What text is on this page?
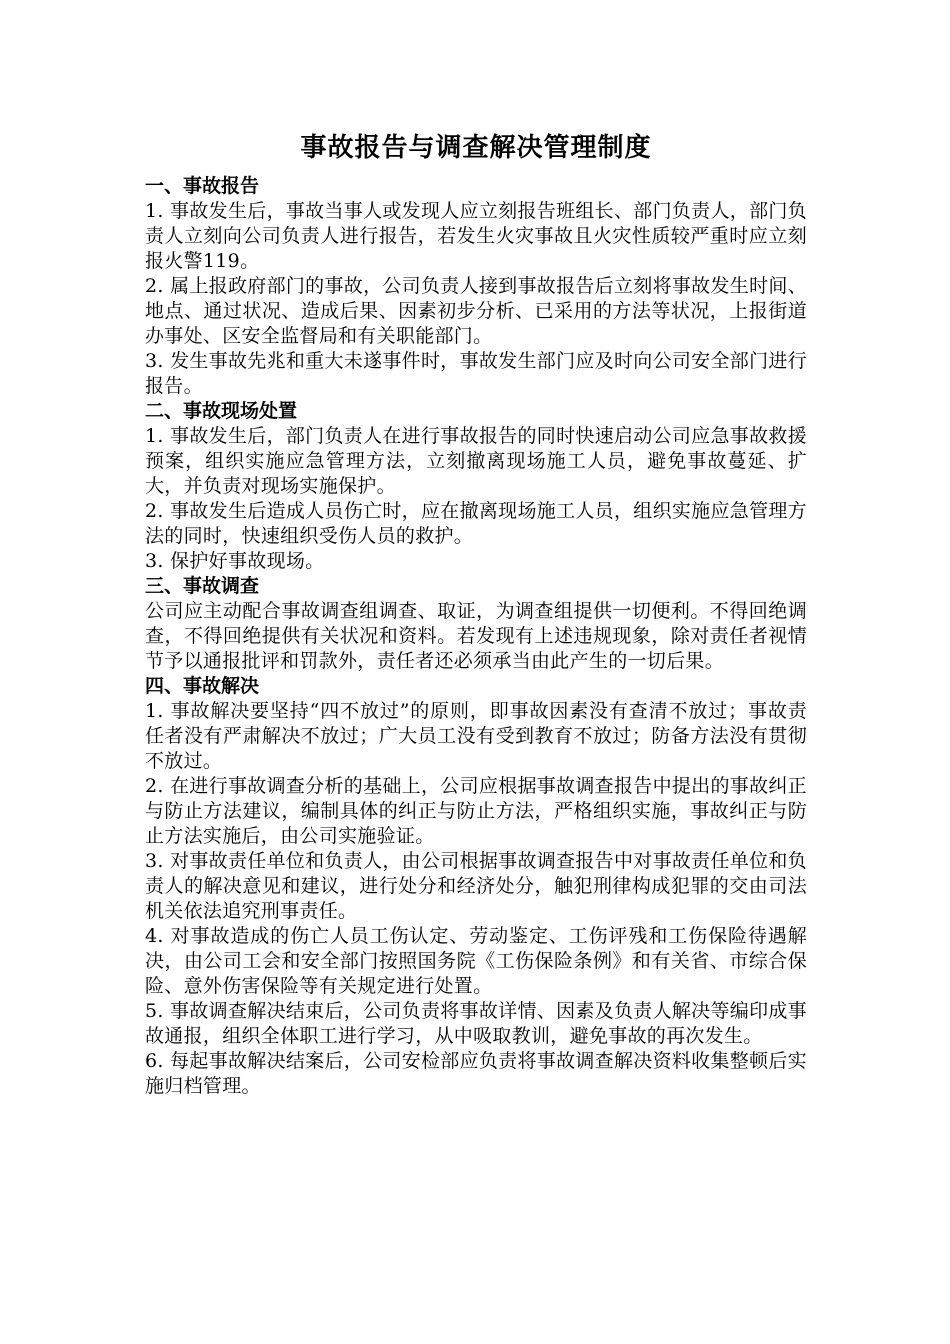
事故报告与调查解决管理制度
一、事故报告

1. 事故发生后，事故当事人或发现人应立刻报告班组长、部门负责人，部门负责人立刻向公司负责人进行报告，若发生火灾事故且火灾性质较严重时应立刻报火警119。

2. 属上报政府部门的事故，公司负责人接到事故报告后立刻将事故发生时间、地点、通过状况、造成后果、因素初步分析、已采用的方法等状况，上报街道办事处、区安全监督局和有关职能部门。

3. 发生事故先兆和重大未遂事件时，事故发生部门应及时向公司安全部门进行报告。

二、事故现场处置

1. 事故发生后，部门负责人在进行事故报告的同时快速启动公司应急事故救援预案，组织实施应急管理方法，立刻撤离现场施工人员，避免事故蔓延、扩大，并负责对现场实施保护。

2. 事故发生后造成人员伤亡时，应在撤离现场施工人员，组织实施应急管理方法的同时，快速组织受伤人员的救护。

3. 保护好事故现场。

三、事故调查

公司应主动配合事故调查组调查、取证，为调查组提供一切便利。不得回绝调查，不得回绝提供有关状况和资料。若发现有上述违规现象，除对责任者视情节予以通报批评和罚款外，责任者还必须承当由此产生的一切后果。

四、事故解决

1. 事故解决要坚持“四不放过”的原则，即事故因素没有查清不放过；事故责任者没有严肃解决不放过；广大员工没有受到教育不放过；防备方法没有贯彻不放过。

2. 在进行事故调查分析的基础上，公司应根据事故调查报告中提出的事故纠正与防止方法建议，编制具体的纠正与防止方法，严格组织实施，事故纠正与防止方法实施后，由公司实施验证。

3. 对事故责任单位和负责人，由公司根据事故调查报告中对事故责任单位和负责人的解决意见和建议，进行处分和经济处分，触犯刑律构成犯罪的交由司法机关依法追究刑事责任。

4. 对事故造成的伤亡人员工伤认定、劳动鉴定、工伤评残和工伤保险待遇解决，由公司工会和安全部门按照国务院《工伤保险条例》和有关省、市综合保险、意外伤害保险等有关规定进行处置。

5. 事故调查解决结束后，公司负责将事故详情、因素及负责人解决等编印成事故通报，组织全体职工进行学习，从中吸取教训，避免事故的再次发生。

6. 每起事故解决结案后，公司安检部应负责将事故调查解决资料收集整顿后实施归档管理。
